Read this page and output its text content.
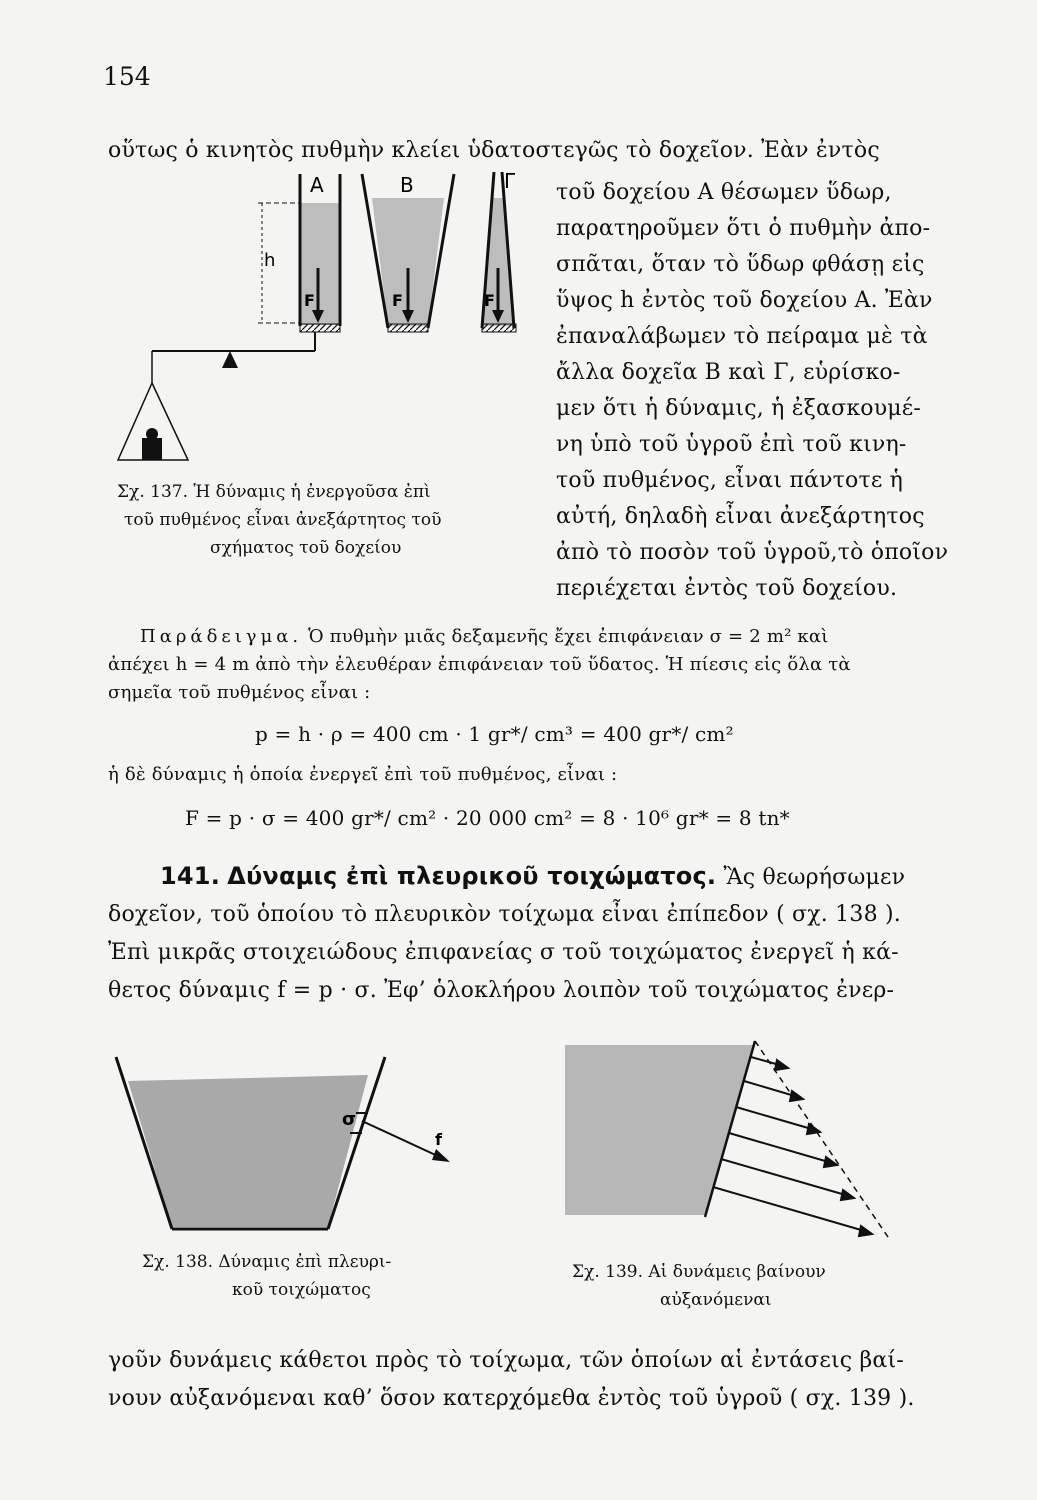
154
οὕτως ὁ κινητὸς πυθμὴν κλείει ὑδατοστεγῶς τὸ δοχεῖον. Ἐὰν ἐντὸς
τοῦ δοχείου Α θέσωμεν ὕδωρ,
παρατηροῦμεν ὅτι ὁ πυθμὴν ἀπο-
σπᾶται, ὅταν τὸ ὕδωρ φθάσῃ εἰς
ὕψος h ἐντὸς τοῦ δοχείου Α. Ἐὰν
ἐπαναλάβωμεν τὸ πείραμα μὲ τὰ
ἄλλα δοχεῖα Β καὶ Γ, εὑρίσκο-
μεν ὅτι ἡ δύναμις, ἡ ἐξασκουμέ-
νη ὑπὸ τοῦ ὑγροῦ ἐπὶ τοῦ κινη-
τοῦ πυθμένος, εἶναι πάντοτε ἡ
αὐτή, δηλαδὴ εἶναι ἀνεξάρτητος
ἀπὸ τὸ ποσὸν τοῦ ὑγροῦ,τὸ ὁποῖον
περιέχεται ἐντὸς τοῦ δοχείου.
Α
h
F
Β
F
Γ
F
Σχ. 137. Ἡ δύναμις ἡ ἐνεργοῦσα ἐπὶ
τοῦ πυθμένος εἶναι ἀνεξάρτητος τοῦ
σχήματος τοῦ δοχείου
Παράδειγμα. Ὁ πυθμὴν μιᾶς δεξαμενῆς ἔχει ἐπιφάνειαν σ = 2 m² καὶ
ἀπέχει h = 4 m ἀπὸ τὴν ἐλευθέραν ἐπιφάνειαν τοῦ ὕδατος. Ἡ πίεσις εἰς ὅλα τὰ
σημεῖα τοῦ πυθμένος εἶναι :
p = h · ρ = 400 cm · 1 gr*/ cm³ = 400 gr*/ cm²
ἡ δὲ δύναμις ἡ ὁποία ἐνεργεῖ ἐπὶ τοῦ πυθμένος, εἶναι :
F = p · σ = 400 gr*/ cm² · 20 000 cm² = 8 · 10⁶ gr* = 8 tn*
141. Δύναμις ἐπὶ πλευρικοῦ τοιχώματος. Ἂς θεωρήσωμεν
δοχεῖον, τοῦ ὁποίου τὸ πλευρικὸν τοίχωμα εἶναι ἐπίπεδον ( σχ. 138 ).
Ἐπὶ μικρᾶς στοιχειώδους ἐπιφανείας σ τοῦ τοιχώματος ἐνεργεῖ ἡ κά-
θετος δύναμις f = p · σ. Ἐφ’ ὁλοκλήρου λοιπὸν τοῦ τοιχώματος ἐνερ-
σ
f
Σχ. 138. Δύναμις ἐπὶ πλευρι-
κοῦ τοιχώματος
Σχ. 139. Αἱ δυνάμεις βαίνουν
αὐξανόμεναι
γοῦν δυνάμεις κάθετοι πρὸς τὸ τοίχωμα, τῶν ὁποίων αἱ ἐντάσεις βαί-
νουν αὐξανόμεναι καθ’ ὅσον κατερχόμεθα ἐντὸς τοῦ ὑγροῦ ( σχ. 139 ).
